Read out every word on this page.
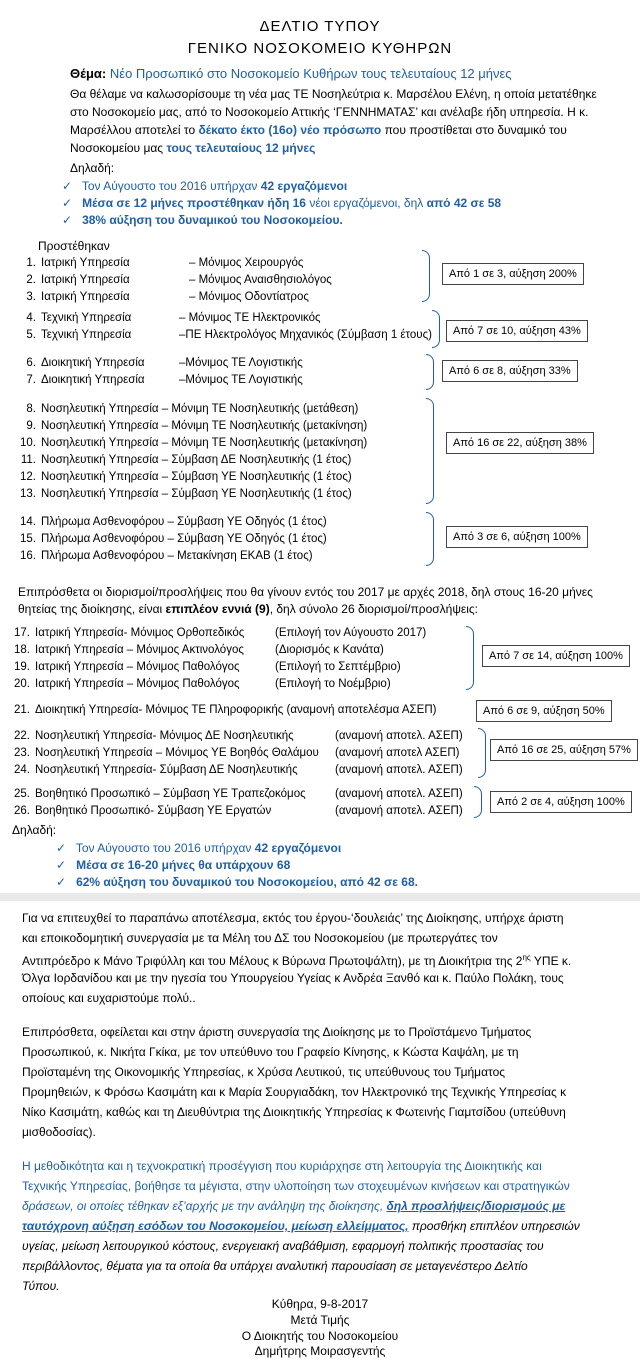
ΔΕΛΤΙΟ ΤΥΠΟΥ
ΓΕΝΙΚΟ ΝΟΣΟΚΟΜΕΙΟ ΚΥΘΗΡΩΝ
Θέμα: Νέο Προσωπικό στο Νοσοκομείο Κυθήρων τους τελευταίους 12 μήνες
Θα θέλαμε να καλωσορίσουμε τη νέα μας ΤΕ Νοσηλεύτρια κ. Μαρσέλου Ελένη, η οποία μετατέθηκε
στο Νοσοκομείο μας, από το Νοσοκομείο Αττικής ‘ΓΕΝΝΗΜΑΤΑΣ’ και ανέλαβε ήδη υπηρεσία. Η κ.
Μαρσέλλου αποτελεί το δέκατο έκτο (16ο) νέο πρόσωπο που προστίθεται στο δυναμικό του
Νοσοκομείου μας τους τελευταίους 12 μήνες
Δηλαδή:
✓ Τον Αύγουστο του 2016 υπήρχαν 42 εργαζόμενοι
✓ Μέσα σε 12 μήνες προστέθηκαν ήδη 16 νέοι εργαζόμενοι, δηλ από 42 σε 58
✓ 38% αύξηση του δυναμικού του Νοσοκομείου.
Προστέθηκαν
1. Ιατρική Υπηρεσία	– Μόνιμος Χειρουργός
2. Ιατρική Υπηρεσία	– Μόνιμος Αναισθησιολόγος
3. Ιατρική Υπηρεσία	– Μόνιμος Οδοντίατρος
4. Τεχνική Υπηρεσία	– Μόνιμος ΤΕ Ηλεκτρονικός
5. Τεχνική Υπηρεσία	–ΠΕ Ηλεκτρολόγος Μηχανικός (Σύμβαση 1 έτους)
6. Διοικητική Υπηρεσία	–Μόνιμος ΤΕ Λογιστικής
7. Διοικητική Υπηρεσία	–Μόνιμος ΤΕ Λογιστικής
8. Νοσηλευτική Υπηρεσία – Μόνιμη ΤΕ Νοσηλευτικής (μετάθεση)
9. Νοσηλευτική Υπηρεσία – Μόνιμη ΤΕ Νοσηλευτικής (μετακίνηση)
10. Νοσηλευτική Υπηρεσία – Μόνιμη ΤΕ Νοσηλευτικής (μετακίνηση)
11. Νοσηλευτική Υπηρεσία – Σύμβαση ΔΕ Νοσηλευτικής (1 έτος)
12. Νοσηλευτική Υπηρεσία – Σύμβαση ΥΕ Νοσηλευτικής (1 έτος)
13. Νοσηλευτική Υπηρεσία – Σύμβαση ΥΕ Νοσηλευτικής (1 έτος)
14. Πλήρωμα Ασθενοφόρου – Σύμβαση ΥΕ Οδηγός (1 έτος)
15. Πλήρωμα Ασθενοφόρου – Σύμβαση ΥΕ Οδηγός (1 έτος)
16. Πλήρωμα Ασθενοφόρου – Μετακίνηση ΕΚΑΒ (1 έτος)
Από 1 σε 3, αύξηση 200%
Από 7 σε 10, αύξηση 43%
Από 6 σε 8, αύξηση 33%
Από 16 σε 22, αύξηση 38%
Από 3 σε 6, αύξηση 100%
Επιπρόσθετα οι διορισμοί/προσλήψεις που θα γίνουν εντός του 2017 με αρχές 2018, δηλ στους 16-20 μήνες
θητείας της διοίκησης, είναι επιπλέον εννιά (9), δηλ σύνολο 26 διορισμοί/προσλήψεις:
17. Ιατρική Υπηρεσία- Μόνιμος Ορθοπεδικός	(Επιλογή τον Αύγουστο 2017)
18. Ιατρική Υπηρεσία – Μόνιμος Ακτινολόγος	(Διορισμός κ Κανάτα)
19. Ιατρική Υπηρεσία – Μόνιμος Παθολόγος	(Επιλογή το Σεπτέμβριο)
20. Ιατρική Υπηρεσία – Μόνιμος Παθολόγος	(Επιλογή το Νοέμβριο)
21. Διοικητική Υπηρεσία- Μόνιμος ΤΕ Πληροφορικής (αναμονή αποτελέσμα ΑΣΕΠ)
22. Νοσηλευτική Υπηρεσία- Μόνιμος ΔΕ Νοσηλευτικής	(αναμονή αποτελ. ΑΣΕΠ)
23. Νοσηλευτική Υπηρεσία – Μόνιμος ΥΕ Βοηθός Θαλάμου (αναμονή αποτελ ΑΣΕΠ)
24. Νοσηλευτική Υπηρεσία- Σύμβαση ΔΕ Νοσηλευτικής	(αναμονή αποτελ. ΑΣΕΠ)
25. Βοηθητικό Προσωπικό – Σύμβαση ΥΕ Τραπεζοκόμος	(αναμονή αποτελ. ΑΣΕΠ)
26. Βοηθητικό Προσωπικό- Σύμβαση ΥΕ Εργατών	(αναμονή αποτελ. ΑΣΕΠ)
Από 7 σε 14, αύξηση 100%
Από 6 σε 9, αύξηση 50%
Από 16 σε 25, αύξηση 57%
Από 2 σε 4, αύξηση 100%
Δηλαδή:
✓ Τον Αύγουστο του 2016 υπήρχαν 42 εργαζόμενοι
✓ Μέσα σε 16-20 μήνες θα υπάρχουν 68
✓ 62% αύξηση του δυναμικού του Νοσοκομείου, από 42 σε 68.
Για να επιτευχθεί το παραπάνω αποτέλεσμα, εκτός του έργου-‘δουλειάς’ της Διοίκησης, υπήρχε άριστη
και εποικοδομητική συνεργασία με τα Μέλη του ΔΣ του Νοσοκομείου (με πρωτεργάτες τον
Αντιπρόεδρο κ Μάνο Τριφύλλη και του Μέλους κ Βύρωνα Πρωτοψάλτη), με τη Διοικήτρια της $2^{\eta\varsigma}$ ΥΠΕ κ.
Όλγα Ιορδανίδου και με την ηγεσία του Υπουργείου Υγείας κ Ανδρέα Ξανθό και κ. Παύλο Πολάκη, τους
οποίους και ευχαριστούμε πολύ..
Επιπρόσθετα, οφείλεται και στην άριστη συνεργασία της Διοίκησης με το Προϊστάμενο Τμήματος
Προσωπικού, κ. Νικήτα Γκίκα, με τον υπεύθυνο του Γραφείο Κίνησης, κ Κώστα Καψάλη, με τη
Προϊσταμένη της Οικονομικής Υπηρεσίας, κ Χρύσα Λευτικού, τις υπεύθυνους του Τμήματος
Προμηθειών, κ Φρόσω Κασιμάτη και κ Μαρία Σουργιαδάκη, τον Ηλεκτρονικό της Τεχνικής Υπηρεσίας κ
Νίκο Κασιμάτη, καθώς και τη Διευθύντρια της Διοικητικής Υπηρεσίας κ Φωτεινής Γιαμτσίδου (υπεύθυνη
μισθοδοσίας).
Η μεθοδικότητα και η τεχνοκρατική προσέγγιση που κυριάρχησε στη λειτουργία της Διοικητικής και
Τεχνικής Υπηρεσίας, βοήθησε τα μέγιστα, στην υλοποίηση των στοχευμένων κινήσεων και στρατηγικών
δράσεων, οι οποίες τέθηκαν εξ’αρχής με την ανάληψη της διοίκησης, δηλ προσλήψεις/διορισμούς με
ταυτόχρονη αύξηση εσόδων του Νοσοκομείου, μείωση ελλείμματος, προσθήκη επιπλέον υπηρεσιών
υγείας, μείωση λειτουργικού κόστους, ενεργειακή αναβάθμιση, εφαρμογή πολιτικής προστασίας του
περιβάλλοντος, θέματα για τα οποία θα υπάρχει αναλυτική παρουσίαση σε μεταγενέστερο Δελτίο
Τύπου.
Κύθηρα, 9-8-2017
Μετά Τιμής
Ο Διοικητής του Νοσοκομείου
Δημήτρης Μοιρασγεντής
